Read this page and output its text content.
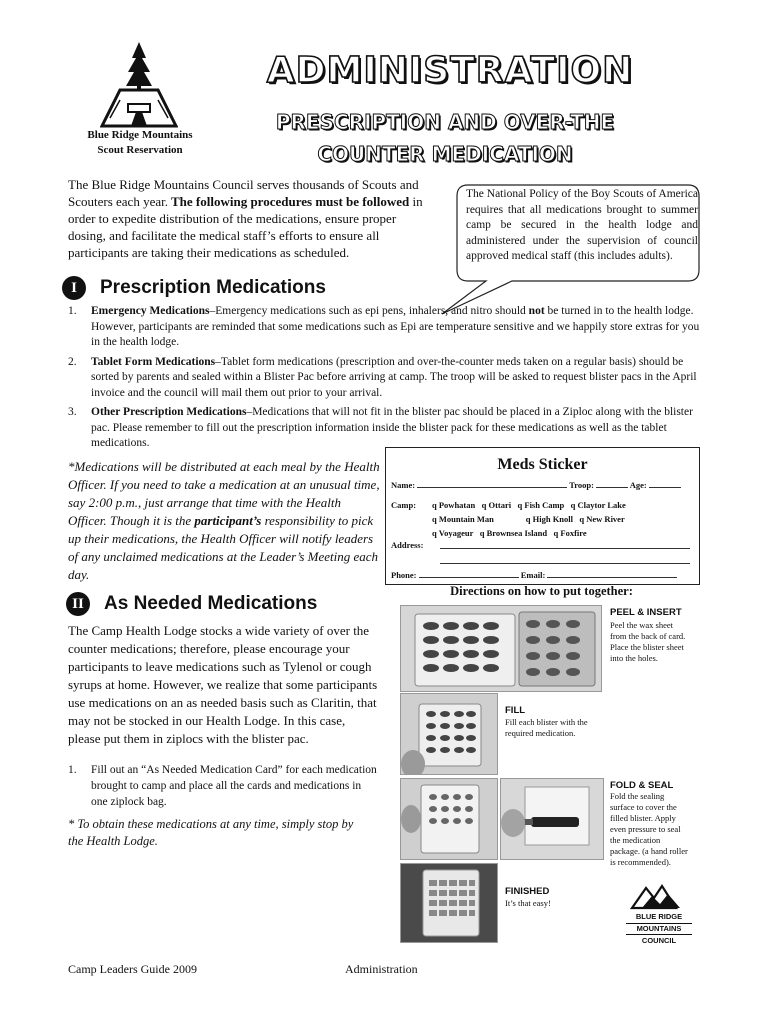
Blue Ridge Mountains
Scout Reservation
ADMINISTRATION
PRESCRIPTION AND OVER-THE
COUNTER MEDICATION
The Blue Ridge Mountains Council serves thousands of Scouts and Scouters each year. The following procedures must be followed in order to expedite distribution of the medications, ensure proper dosing, and facilitate the medical staff’s efforts to ensure all participants are taking their medications as scheduled.
The National Policy of the Boy Scouts of America requires that all medications brought to summer camp be secured in the health lodge and administered under the supervision of council approved medical staff (this includes adults).
I Prescription Medications
1. Emergency Medications–Emergency medications such as epi pens, inhalers, and nitro should not be turned in to the health lodge. However, participants are reminded that some medications such as Epi are temperature sensitive and we happily store extras for you in the health lodge.
2. Tablet Form Medications–Tablet form medications (prescription and over-the-counter meds taken on a regular basis) should be sorted by parents and sealed within a Blister Pac before arriving at camp. The troop will be asked to request blister pacs in the April invoice and the council will mail them out prior to your arrival.
3. Other Prescription Medications–Medications that will not fit in the blister pac should be placed in a Ziploc along with the blister pac. Please remember to fill out the prescription information inside the blister pack for these medications as well as the tablet medications.
*Medications will be distributed at each meal by the Health Officer. If you need to take a medication at an unusual time, say 2:00 p.m., just arrange that time with the Health Officer. Though it is the participant’s responsibility to pick up their medications, the Health Officer will notify leaders of any unclaimed medications at the Leader’s Meeting each day.
II As Needed Medications
The Camp Health Lodge stocks a wide variety of over the counter medications; therefore, please encourage your participants to leave medications such as Tylenol or cough syrups at home. However, we realize that some participants use medications on an as needed basis such as Claritin, that may not be stocked in our Health Lodge. In this case, please put them in ziplocs with the blister pac.
1. Fill out an “As Needed Medication Card” for each medication brought to camp and place all the cards and medications in one ziplock bag.
* To obtain these medications at any time, simply stop by the Health Lodge.
Meds Sticker
Name:	Troop:	Age:
Camp: q Powhatan q Ottari q Fish Camp q Claytor Lake
q Mountain Man	q High Knoll q New River
q Voyageur q Brownsea Island q Foxfire
Address:
Phone:	Email:
Directions on how to put together:
PEEL & INSERT
Peel the wax sheet from the back of card. Place the blister sheet into the holes.
FILL
Fill each blister with the required medication.
FOLD & SEAL
Fold the sealing surface to cover the filled blister. Apply even pressure to seal the medication package. (a hand roller is recommended).
FINISHED
It’s that easy!
BLUE RIDGE
MOUNTAINS
COUNCIL
Camp Leaders Guide 2009	Administration
